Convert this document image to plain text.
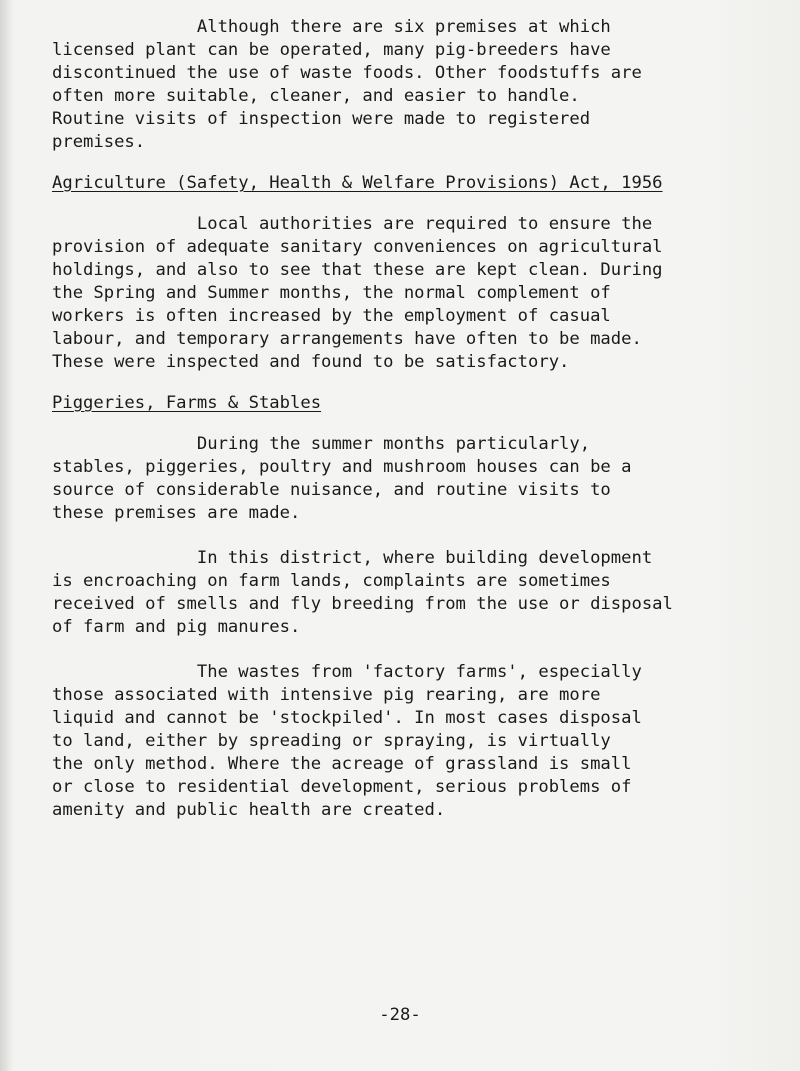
Although there are six premises at which
licensed plant can be operated, many pig-breeders have
discontinued the use of waste foods. Other foodstuffs are
often more suitable, cleaner, and easier to handle.
Routine visits of inspection were made to registered
premises.

Agriculture (Safety, Health & Welfare Provisions) Act, 1956

Local authorities are required to ensure the
provision of adequate sanitary conveniences on agricultural
holdings, and also to see that these are kept clean. During
the Spring and Summer months, the normal complement of
workers is often increased by the employment of casual
labour, and temporary arrangements have often to be made.
These were inspected and found to be satisfactory.

Piggeries, Farms & Stables

During the summer months particularly,
stables, piggeries, poultry and mushroom houses can be a
source of considerable nuisance, and routine visits to
these premises are made.

In this district, where building development
is encroaching on farm lands, complaints are sometimes
received of smells and fly breeding from the use or disposal
of farm and pig manures.

The wastes from 'factory farms', especially
those associated with intensive pig rearing, are more
liquid and cannot be 'stockpiled'. In most cases disposal
to land, either by spreading or spraying, is virtually
the only method. Where the acreage of grassland is small
or close to residential development, serious problems of
amenity and public health are created.

-28-
